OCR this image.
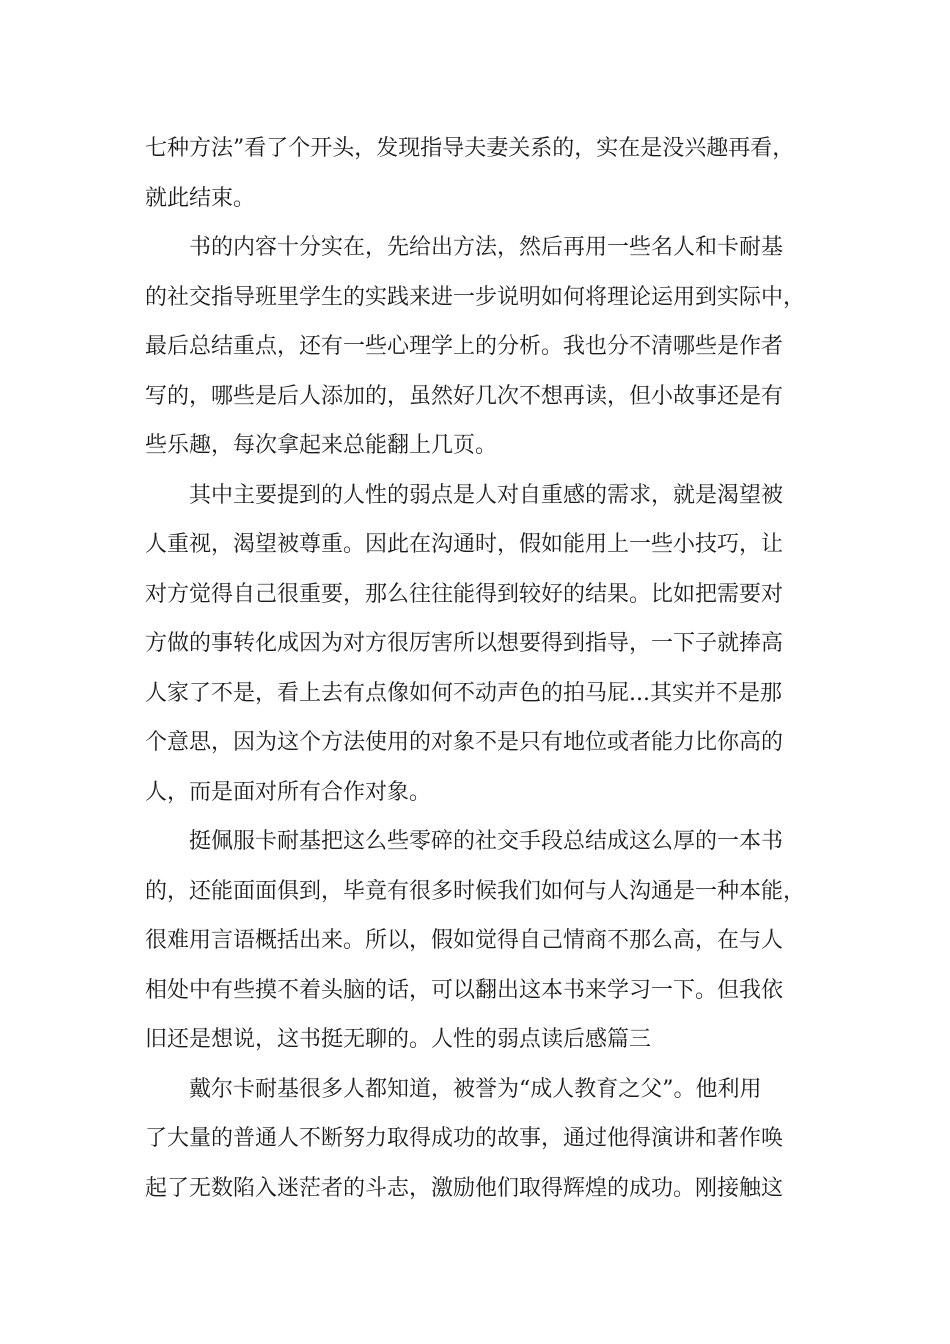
七种方法”看了个开头，发现指导夫妻关系的，实在是没兴趣再看，
就此结束。
书的内容十分实在，先给出方法，然后再用一些名人和卡耐基
的社交指导班里学生的实践来进一步说明如何将理论运用到实际中，
最后总结重点，还有一些心理学上的分析。我也分不清哪些是作者
写的，哪些是后人添加的，虽然好几次不想再读，但小故事还是有
些乐趣，每次拿起来总能翻上几页。
其中主要提到的人性的弱点是人对自重感的需求，就是渴望被
人重视，渴望被尊重。因此在沟通时，假如能用上一些小技巧，让
对方觉得自己很重要，那么往往能得到较好的结果。比如把需要对
方做的事转化成因为对方很厉害所以想要得到指导，一下子就捧高
人家了不是，看上去有点像如何不动声色的拍马屁...其实并不是那
个意思，因为这个方法使用的对象不是只有地位或者能力比你高的
人，而是面对所有合作对象。
挺佩服卡耐基把这么些零碎的社交手段总结成这么厚的一本书
的，还能面面俱到，毕竟有很多时候我们如何与人沟通是一种本能，
很难用言语概括出来。所以，假如觉得自己情商不那么高，在与人
相处中有些摸不着头脑的话，可以翻出这本书来学习一下。但我依
旧还是想说，这书挺无聊的。人性的弱点读后感篇三
戴尔卡耐基很多人都知道，被誉为“成人教育之父”。他利用
了大量的普通人不断努力取得成功的故事，通过他得演讲和著作唤
起了无数陷入迷茫者的斗志，激励他们取得辉煌的成功。刚接触这
